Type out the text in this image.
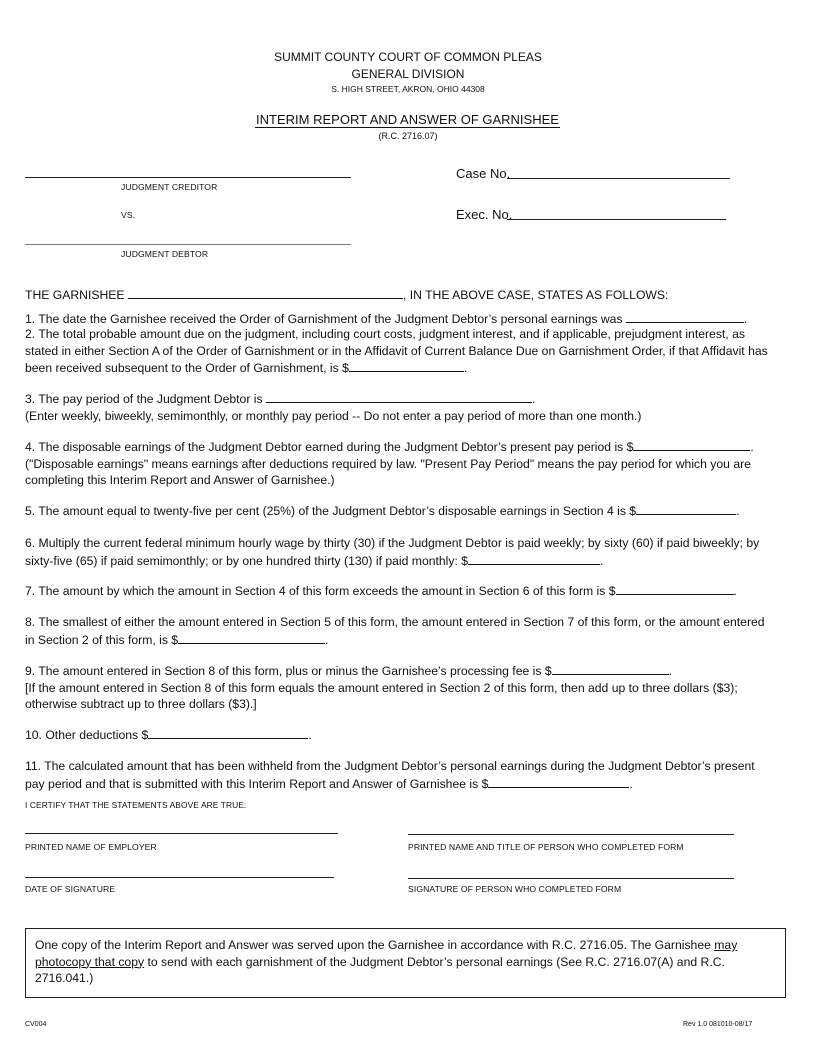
SUMMIT COUNTY COURT OF COMMON PLEAS
GENERAL DIVISION
S. HIGH STREET, AKRON, OHIO 44308
INTERIM REPORT AND ANSWER OF GARNISHEE
(R.C. 2716.07)
JUDGMENT CREDITOR
VS.
JUDGMENT DEBTOR
Case No.
Exec. No.
THE GARNISHEE	, IN THE ABOVE CASE, STATES AS FOLLOWS:
1. The date the Garnishee received the Order of Garnishment of the Judgment Debtor’s personal earnings was	.
2. The total probable amount due on the judgment, including court costs, judgment interest, and if applicable, prejudgment interest, as
stated in either Section A of the Order of Garnishment or in the Affidavit of Current Balance Due on Garnishment Order, if that Affidavit has
been received subsequent to the Order of Garnishment, is $	.
3. The pay period of the Judgment Debtor is	.
(Enter weekly, biweekly, semimonthly, or monthly pay period -- Do not enter a pay period of more than one month.)
4. The disposable earnings of the Judgment Debtor earned during the Judgment Debtor’s present pay period is $	.
("Disposable earnings" means earnings after deductions required by law. "Present Pay Period" means the pay period for which you are
completing this Interim Report and Answer of Garnishee.)
5. The amount equal to twenty-five per cent (25%) of the Judgment Debtor’s disposable earnings in Section 4 is $	.
6. Multiply the current federal minimum hourly wage by thirty (30) if the Judgment Debtor is paid weekly; by sixty (60) if paid biweekly; by
sixty-five (65) if paid semimonthly; or by one hundred thirty (130) if paid monthly: $	.
7. The amount by which the amount in Section 4 of this form exceeds the amount in Section 6 of this form is $	.
8. The smallest of either the amount entered in Section 5 of this form, the amount entered in Section 7 of this form, or the amount entered
in Section 2 of this form, is $	.
9. The amount entered in Section 8 of this form, plus or minus the Garnishee’s processing fee is $	.
[If the amount entered in Section 8 of this form equals the amount entered in Section 2 of this form, then add up to three dollars ($3);
otherwise subtract up to three dollars ($3).]
10. Other deductions $	.
11. The calculated amount that has been withheld from the Judgment Debtor’s personal earnings during the Judgment Debtor’s present
pay period and that is submitted with this Interim Report and Answer of Garnishee is $	.
I CERTIFY THAT THE STATEMENTS ABOVE ARE TRUE:
PRINTED NAME OF EMPLOYER	PRINTED NAME AND TITLE OF PERSON WHO COMPLETED FORM
DATE OF SIGNATURE	SIGNATURE OF PERSON WHO COMPLETED FORM
One copy of the Interim Report and Answer was served upon the Garnishee in accordance with R.C. 2716.05. The Garnishee may
photocopy that copy to send with each garnishment of the Judgment Debtor’s personal earnings (See R.C. 2716.07(A) and R.C.
2716.041.)
CV004	Rev 1.0 081010-08/17
